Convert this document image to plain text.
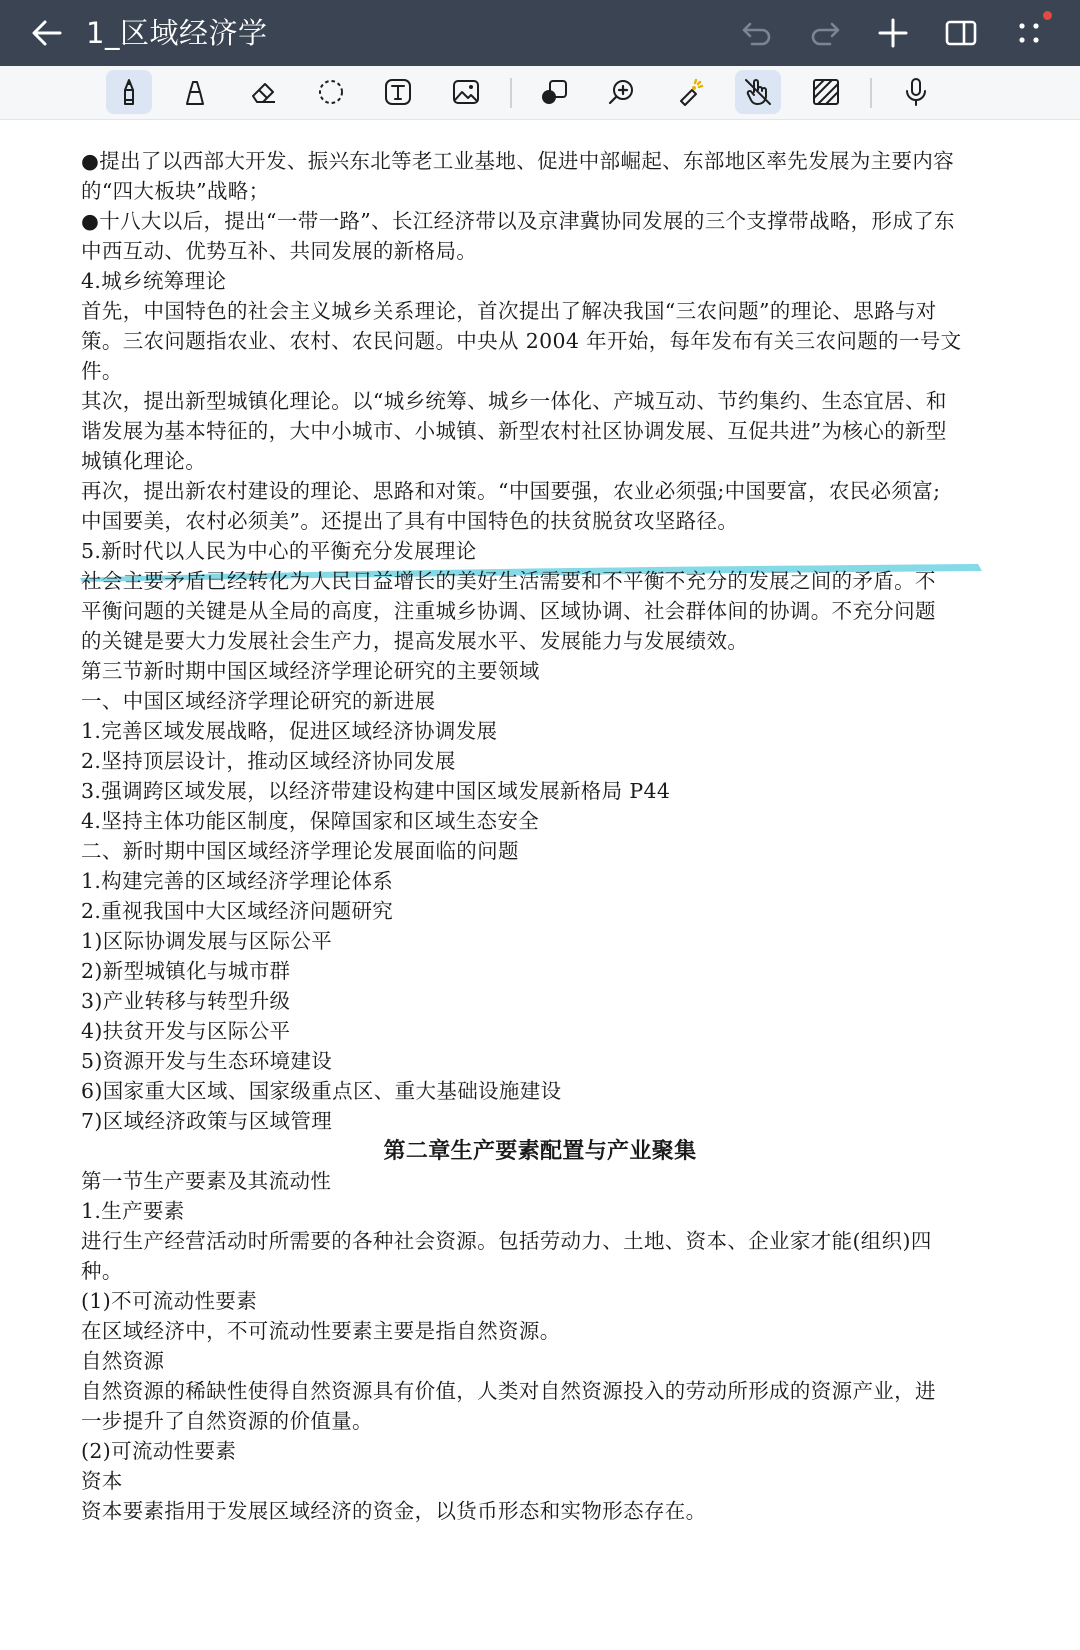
1_区域经济学
●提出了以西部大开发、振兴东北等老工业基地、促进中部崛起、东部地区率先发展为主要内容
的“四大板块”战略；
●十八大以后，提出“一带一路”、长江经济带以及京津冀协同发展的三个支撑带战略，形成了东
中西互动、优势互补、共同发展的新格局。
4.城乡统筹理论
首先，中国特色的社会主义城乡关系理论，首次提出了解决我国“三农问题”的理论、思路与对
策。三农问题指农业、农村、农民问题。中央从 2004 年开始，每年发布有关三农问题的一号文
件。
其次，提出新型城镇化理论。以“城乡统筹、城乡一体化、产城互动、节约集约、生态宜居、和
谐发展为基本特征的，大中小城市、小城镇、新型农村社区协调发展、互促共进”为核心的新型
城镇化理论。
再次，提出新农村建设的理论、思路和对策。“中国要强，农业必须强;中国要富，农民必须富;
中国要美，农村必须美”。还提出了具有中国特色的扶贫脱贫攻坚路径。
5.新时代以人民为中心的平衡充分发展理论
社会主要矛盾已经转化为人民日益增长的美好生活需要和不平衡不充分的发展之间的矛盾。不
平衡问题的关键是从全局的高度，注重城乡协调、区域协调、社会群体间的协调。不充分问题
的关键是要大力发展社会生产力，提高发展水平、发展能力与发展绩效。
第三节新时期中国区域经济学理论研究的主要领域
一、中国区域经济学理论研究的新进展
1.完善区域发展战略，促进区域经济协调发展
2.坚持顶层设计，推动区域经济协同发展
3.强调跨区域发展，以经济带建设构建中国区域发展新格局 P44
4.坚持主体功能区制度，保障国家和区域生态安全
二、新时期中国区域经济学理论发展面临的问题
1.构建完善的区域经济学理论体系
2.重视我国中大区域经济问题研究
1)区际协调发展与区际公平
2)新型城镇化与城市群
3)产业转移与转型升级
4)扶贫开发与区际公平
5)资源开发与生态环境建设
6)国家重大区域、国家级重点区、重大基础设施建设
7)区域经济政策与区域管理
第二章生产要素配置与产业聚集
第一节生产要素及其流动性
1.生产要素
进行生产经营活动时所需要的各种社会资源。包括劳动力、土地、资本、企业家才能(组织)四
种。
(1)不可流动性要素
在区域经济中，不可流动性要素主要是指自然资源。
自然资源
自然资源的稀缺性使得自然资源具有价值，人类对自然资源投入的劳动所形成的资源产业，进
一步提升了自然资源的价值量。
(2)可流动性要素
资本
资本要素指用于发展区域经济的资金，以货币形态和实物形态存在。
